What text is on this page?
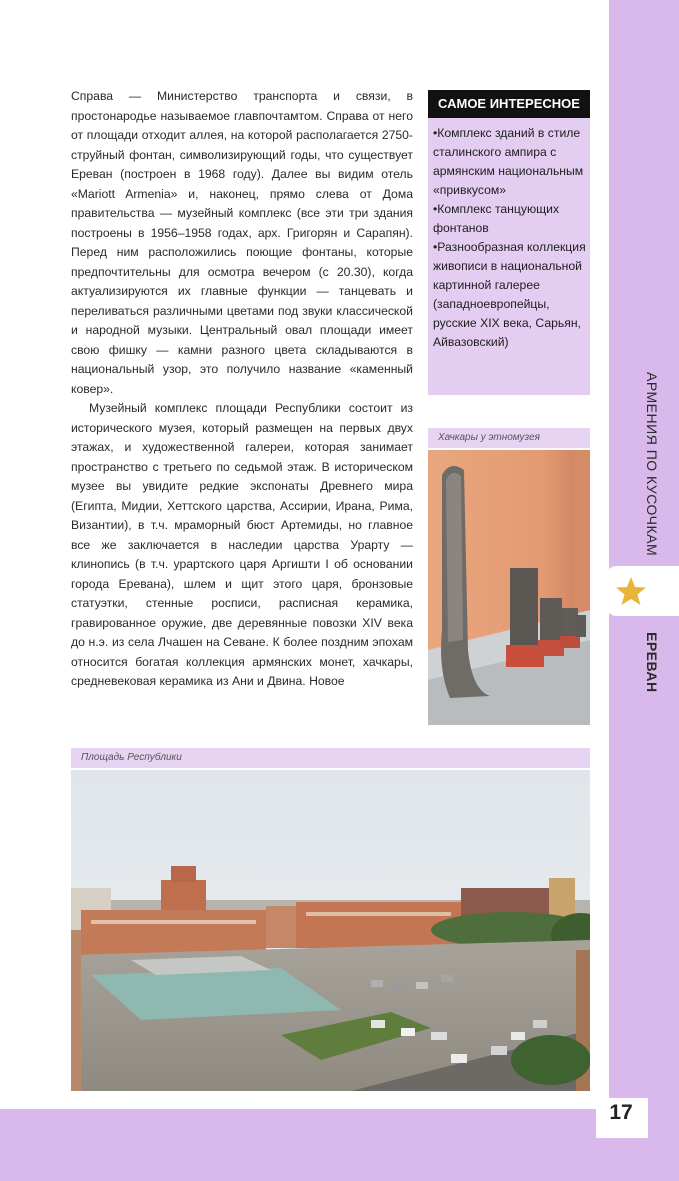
17
АРМЕНИЯ ПО КУСОЧКАМ
ЕРЕВАН

Справа — Министерство транспорта и связи, в простонародье называемое главпочтамтом. Справа от него от площади отходит аллея, на которой располагается 2750-струйный фонтан, символизирующий годы, что существует Ереван (построен в 1968 году). Далее вы видим отель «Mariott Armenia» и, наконец, прямо слева от Дома правительства — музейный комплекс (все эти три здания построены в 1956–1958 годах, арх. Григорян и Сарапян). Перед ним расположились поющие фонтаны, которые предпочтительны для осмотра вечером (с 20.30), когда актуализируются их главные функции — танцевать и переливаться различными цветами под звуки классической и народной музыки. Центральный овал площади имеет свою фишку — камни разного цвета складываются в национальный узор, это получило название «каменный ковер».

Музейный комплекс площади Республики состоит из исторического музея, который размещен на первых двух этажах, и художественной галереи, которая занимает пространство с третьего по седьмой этаж. В историческом музее вы увидите редкие экспонаты Древнего мира (Египта, Мидии, Хеттского царства, Ассирии, Ирана, Рима, Византии), в т.ч. мраморный бюст Артемиды, но главное все же заключается в наследии царства Урарту — клинопись (в т.ч. урартского царя Аргишти I об основании города Еревана), шлем и щит этого царя, бронзовые статуэтки, стенные росписи, расписная керамика, гравированное оружие, две деревянные повозки XIV века до н.э. из села Лчашен на Севане. К более поздним эпохам относится богатая коллекция армянских монет, хачкары, средневековая керамика из Ани и Двина. Новое

САМОЕ ИНТЕРЕСНОЕ
•Комплекс зданий в стиле сталинского ампира с армянским национальным «привкусом»
•Комплекс танцующих фонтанов
•Разнообразная коллекция живописи в национальной картинной галерее (западноевропейцы, русские XIX века, Сарьян, Айвазовский)
Хачкары у этномузея
Площадь Республики
